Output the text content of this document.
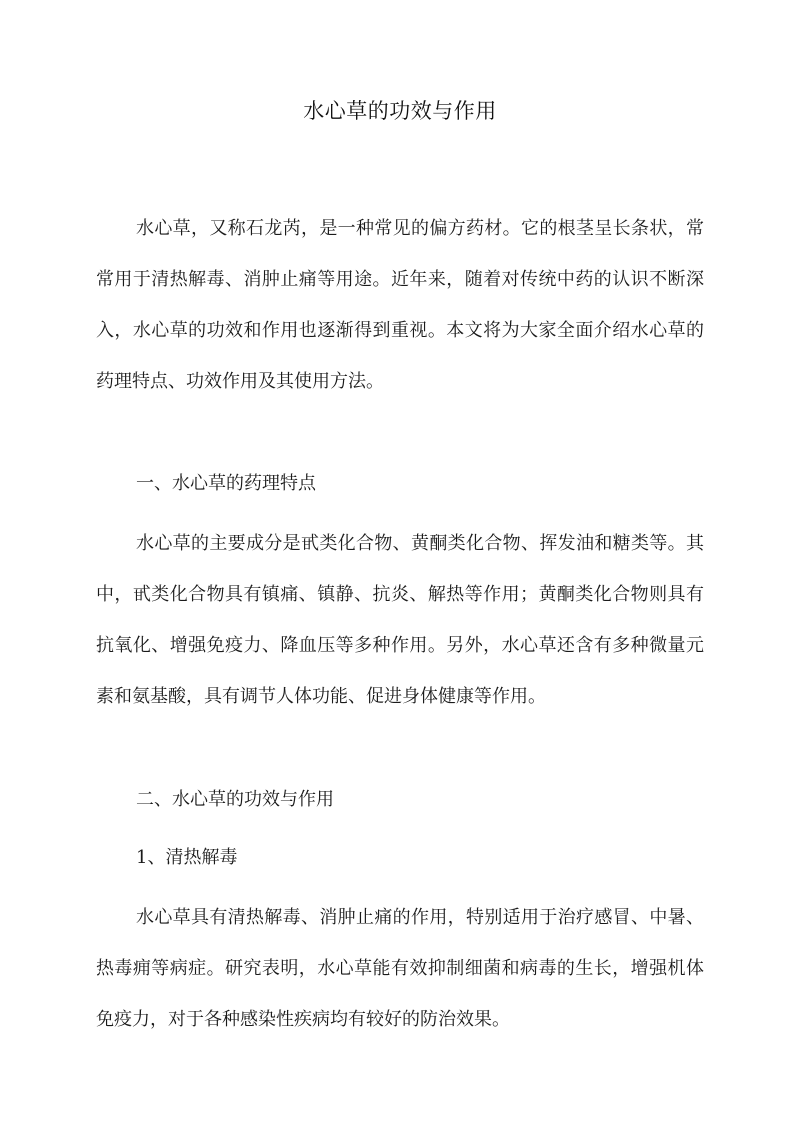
水心草的功效与作用

水心草，又称石龙芮，是一种常见的偏方药材。它的根茎呈长条状，常常用于清热解毒、消肿止痛等用途。近年来，随着对传统中药的认识不断深入，水心草的功效和作用也逐渐得到重视。本文将为大家全面介绍水心草的药理特点、功效作用及其使用方法。

一、水心草的药理特点

水心草的主要成分是甙类化合物、黄酮类化合物、挥发油和糖类等。其中，甙类化合物具有镇痛、镇静、抗炎、解热等作用；黄酮类化合物则具有抗氧化、增强免疫力、降血压等多种作用。另外，水心草还含有多种微量元素和氨基酸，具有调节人体功能、促进身体健康等作用。

二、水心草的功效与作用

1、清热解毒

水心草具有清热解毒、消肿止痛的作用，特别适用于治疗感冒、中暑、热毒痈等病症。研究表明，水心草能有效抑制细菌和病毒的生长，增强机体免疫力，对于各种感染性疾病均有较好的防治效果。
